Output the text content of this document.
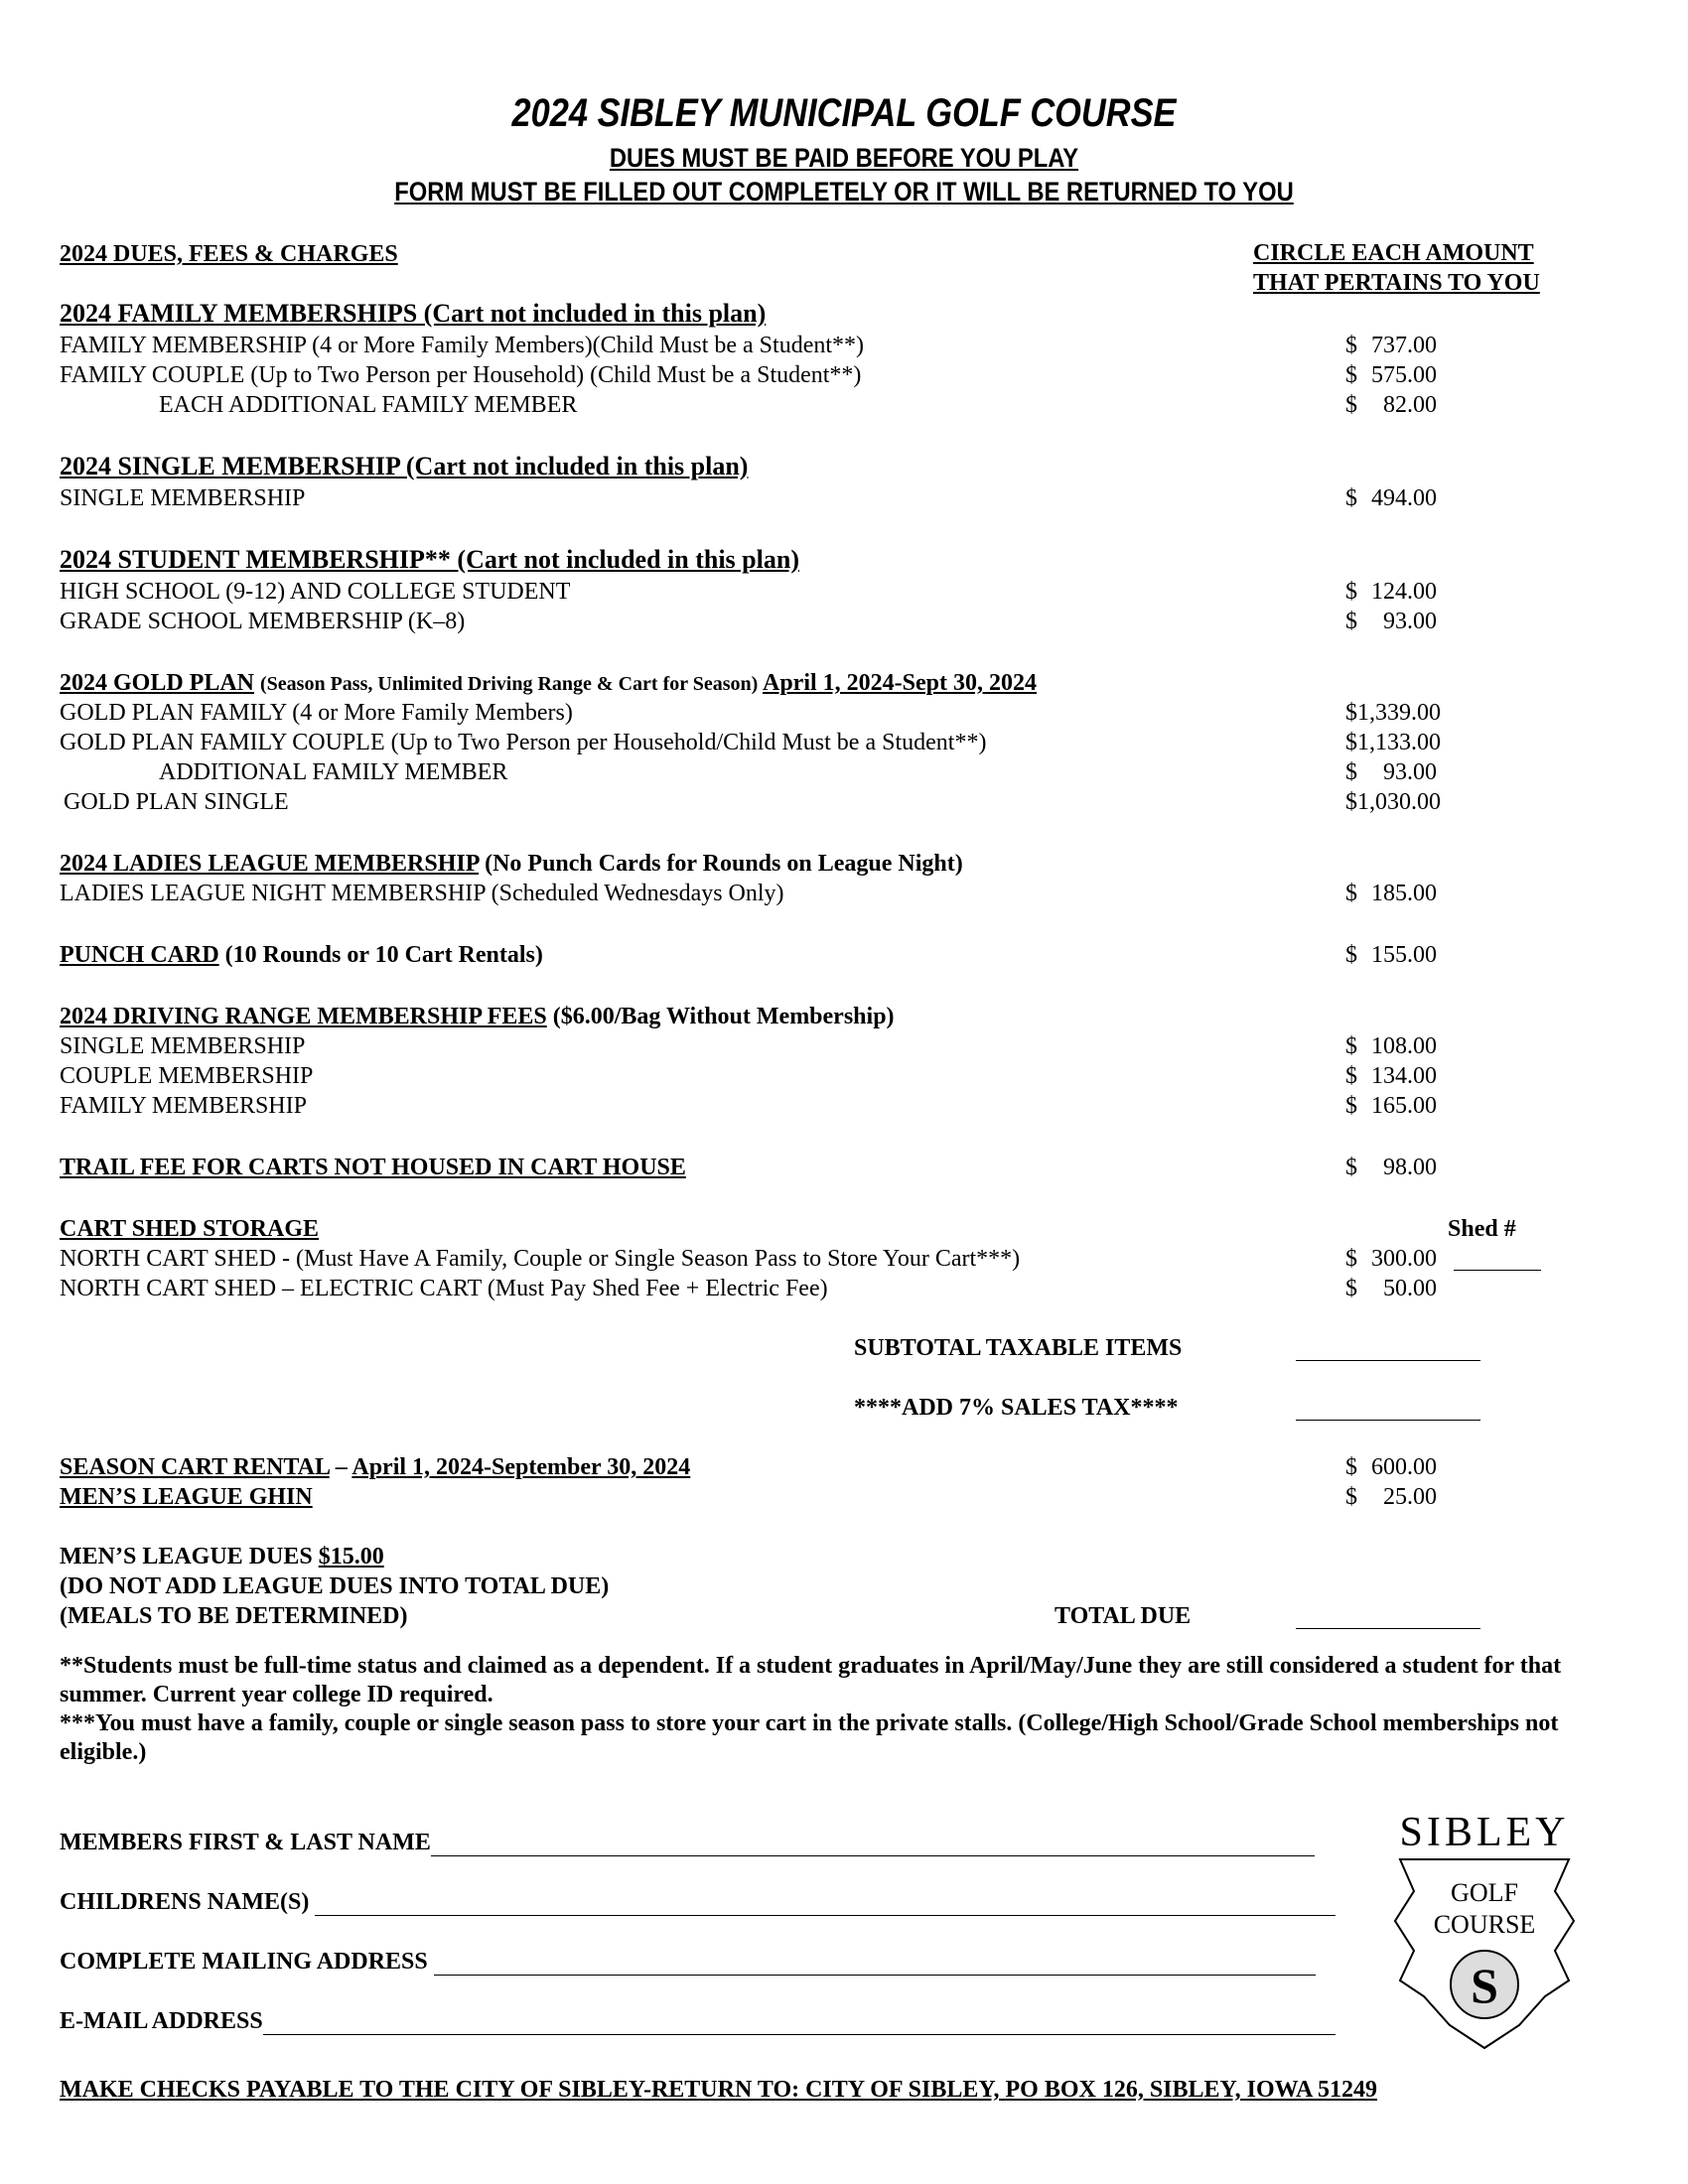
2024 SIBLEY MUNICIPAL GOLF COURSE
DUES MUST BE PAID BEFORE YOU PLAY
FORM MUST BE FILLED OUT COMPLETELY OR IT WILL BE RETURNED TO YOU
2024 DUES, FEES & CHARGES	CIRCLE EACH AMOUNT
THAT PERTAINS TO YOU
2024 FAMILY MEMBERSHIPS (Cart not included in this plan)
FAMILY MEMBERSHIP (4 or More Family Members)(Child Must be a Student**)	$ 737.00
FAMILY COUPLE (Up to Two Person per Household) (Child Must be a Student**)	$ 575.00
EACH ADDITIONAL FAMILY MEMBER	$ 82.00
2024 SINGLE MEMBERSHIP (Cart not included in this plan)
SINGLE MEMBERSHIP	$ 494.00
2024 STUDENT MEMBERSHIP** (Cart not included in this plan)
HIGH SCHOOL (9-12) AND COLLEGE STUDENT	$ 124.00
GRADE SCHOOL MEMBERSHIP (K–8)	$ 93.00
2024 GOLD PLAN (Season Pass, Unlimited Driving Range & Cart for Season) April 1, 2024-Sept 30, 2024
GOLD PLAN FAMILY (4 or More Family Members)	$1,339.00
GOLD PLAN FAMILY COUPLE (Up to Two Person per Household/Child Must be a Student**)	$1,133.00
ADDITIONAL FAMILY MEMBER	$ 93.00
GOLD PLAN SINGLE	$1,030.00
2024 LADIES LEAGUE MEMBERSHIP (No Punch Cards for Rounds on League Night)
LADIES LEAGUE NIGHT MEMBERSHIP (Scheduled Wednesdays Only)	$ 185.00
PUNCH CARD (10 Rounds or 10 Cart Rentals)	$ 155.00
2024 DRIVING RANGE MEMBERSHIP FEES ($6.00/Bag Without Membership)
SINGLE MEMBERSHIP	$ 108.00
COUPLE MEMBERSHIP	$ 134.00
FAMILY MEMBERSHIP	$ 165.00
TRAIL FEE FOR CARTS NOT HOUSED IN CART HOUSE	$ 98.00
CART SHED STORAGE	Shed #
NORTH CART SHED - (Must Have A Family, Couple or Single Season Pass to Store Your Cart***)	$ 300.00
NORTH CART SHED – ELECTRIC CART (Must Pay Shed Fee + Electric Fee)	$ 50.00
SUBTOTAL TAXABLE ITEMS
****ADD 7% SALES TAX****
SEASON CART RENTAL – April 1, 2024-September 30, 2024	$ 600.00
MEN’S LEAGUE GHIN	$ 25.00
MEN’S LEAGUE DUES $15.00
(DO NOT ADD LEAGUE DUES INTO TOTAL DUE)
(MEALS TO BE DETERMINED)	TOTAL DUE
**Students must be full-time status and claimed as a dependent. If a student graduates in April/May/June they are still considered a student for that summer. Current year college ID required.
***You must have a family, couple or single season pass to store your cart in the private stalls. (College/High School/Grade School memberships not eligible.)
MEMBERS FIRST & LAST NAME
CHILDRENS NAME(S)
COMPLETE MAILING ADDRESS
E-MAIL ADDRESS
SIBLEY
GOLF
COURSE
S
MAKE CHECKS PAYABLE TO THE CITY OF SIBLEY-RETURN TO: CITY OF SIBLEY, PO BOX 126, SIBLEY, IOWA 51249
